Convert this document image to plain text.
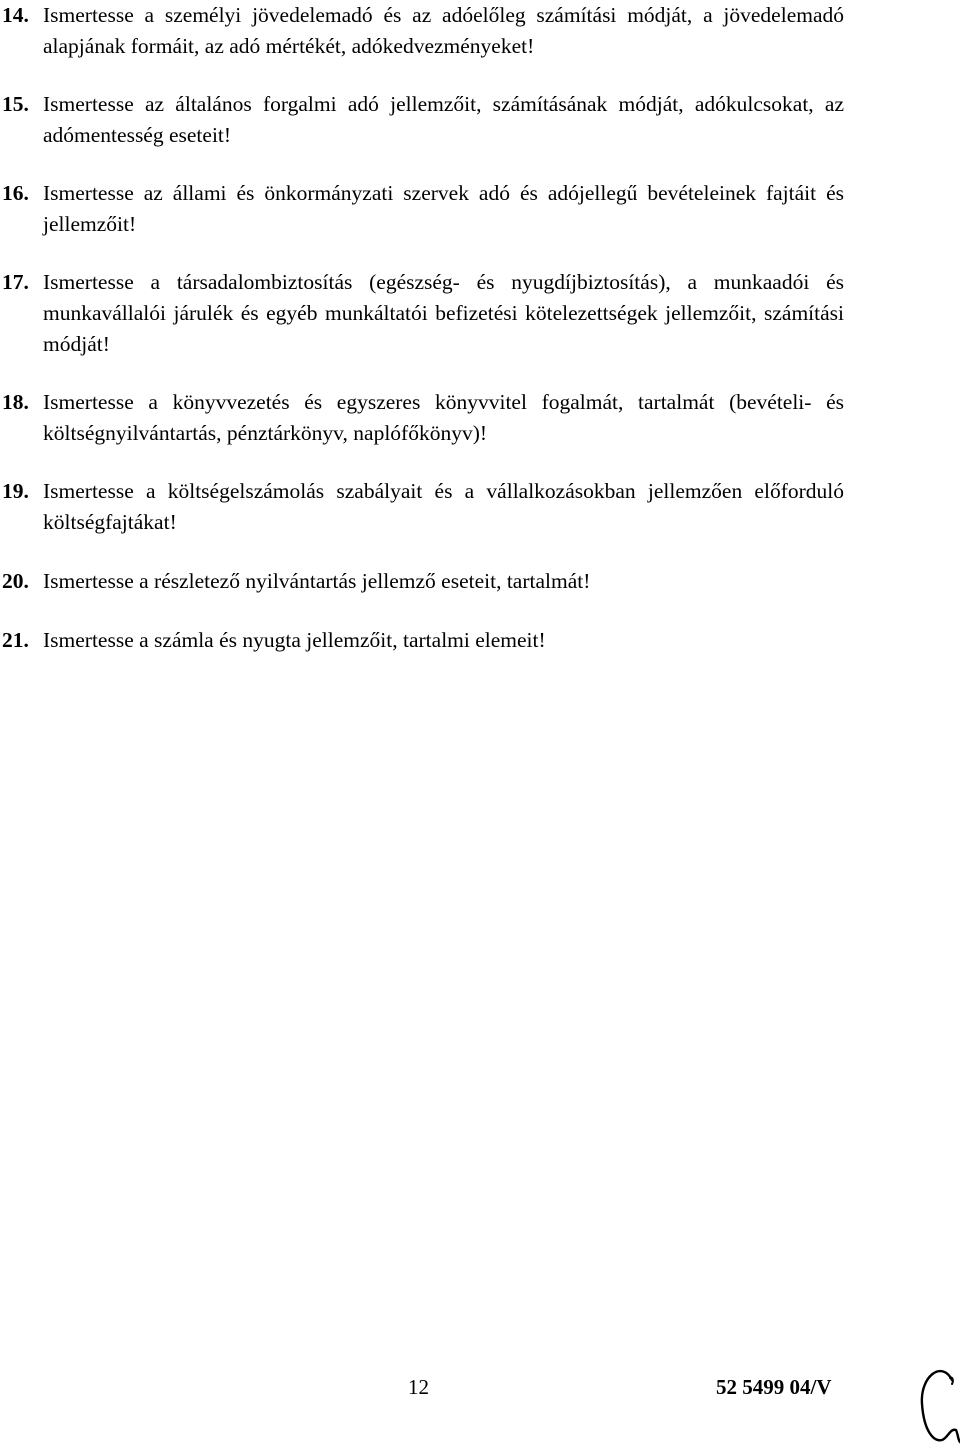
14. Ismertesse a személyi jövedelemadó és az adóelőleg számítási módját, a jövedelemadó alapjának formáit, az adó mértékét, adókedvezményeket!
15. Ismertesse az általános forgalmi adó jellemzőit, számításának módját, adókulcsokat, az adómentesség eseteit!
16. Ismertesse az állami és önkormányzati szervek adó és adójellegű bevételeinek fajtáit és jellemzőit!
17. Ismertesse a társadalombiztosítás (egészség- és nyugdíjbiztosítás), a munkaadói és munkavállalói járulék és egyéb munkáltatói befizetési kötelezettségek jellemzőit, számítási módját!
18. Ismertesse a könyvvezetés és egyszeres könyvvitel fogalmát, tartalmát (bevételi- és költségnyilvántartás, pénztárkönyv, naplófőkönyv)!
19. Ismertesse a költségelszámolás szabályait és a vállalkozásokban jellemzően előforduló költségfajtákat!
20. Ismertesse a részletező nyilvántartás jellemző eseteit, tartalmát!
21. Ismertesse a számla és nyugta jellemzőit, tartalmi elemeit!
12	52 5499 04/V
